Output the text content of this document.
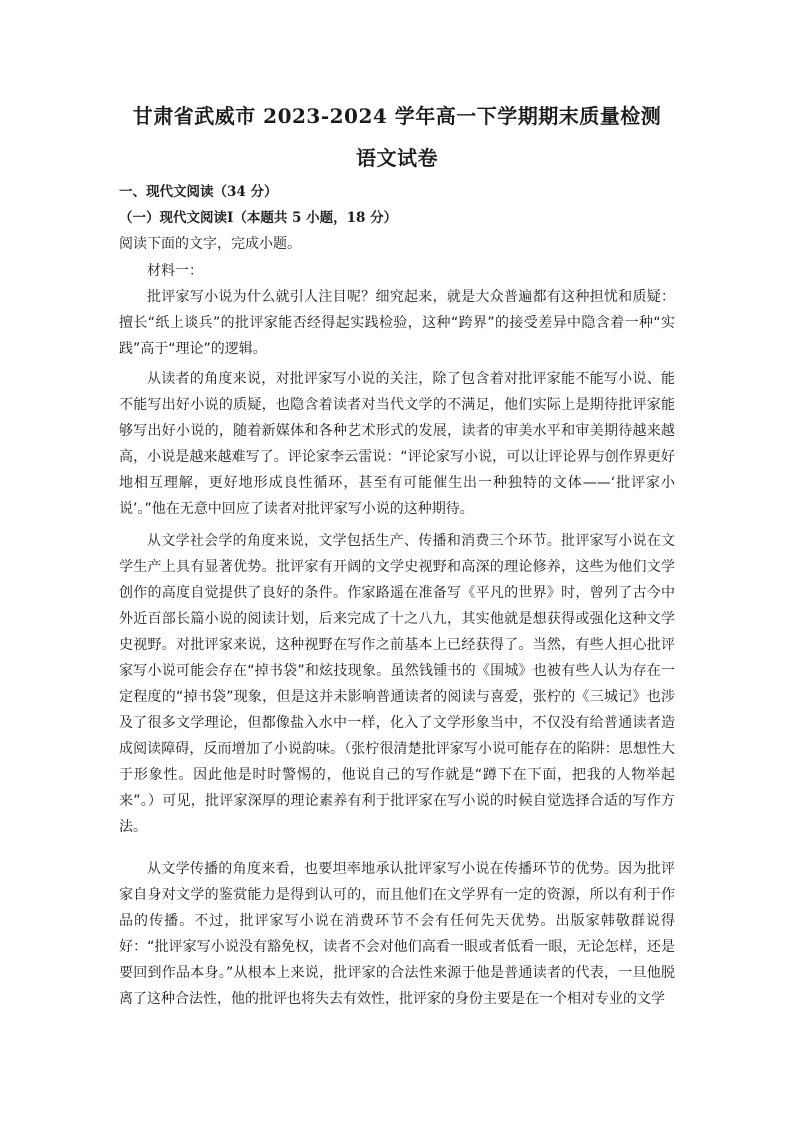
甘肃省武威市 2023-2024 学年高一下学期期末质量检测
语文试卷
一、现代文阅读（34 分）
（一）现代文阅读Ⅰ（本题共 5 小题，18 分）
阅读下面的文字，完成小题。
材料一：
批评家写小说为什么就引人注目呢？细究起来，就是大众普遍都有这种担忧和质疑：擅长“纸上谈兵”的批评家能否经得起实践检验，这种“跨界”的接受差异中隐含着一种“实践”高于“理论”的逻辑。
从读者的角度来说，对批评家写小说的关注，除了包含着对批评家能不能写小说、能不能写出好小说的质疑，也隐含着读者对当代文学的不满足，他们实际上是期待批评家能够写出好小说的，随着新媒体和各种艺术形式的发展，读者的审美水平和审美期待越来越高，小说是越来越难写了。评论家李云雷说：“评论家写小说，可以让评论界与创作界更好地相互理解，更好地形成良性循环，甚至有可能催生出一种独特的文体——‘批评家小说’。”他在无意中回应了读者对批评家写小说的这种期待。
从文学社会学的角度来说，文学包括生产、传播和消费三个环节。批评家写小说在文学生产上具有显著优势。批评家有开阔的文学史视野和高深的理论修养，这些为他们文学创作的高度自觉提供了良好的条件。作家路遥在准备写《平凡的世界》时，曾列了古今中外近百部长篇小说的阅读计划，后来完成了十之八九，其实他就是想获得或强化这种文学史视野。对批评家来说，这种视野在写作之前基本上已经获得了。当然，有些人担心批评家写小说可能会存在“掉书袋”和炫技现象。虽然钱锺书的《围城》也被有些人认为存在一定程度的“掉书袋”现象，但是这并未影响普通读者的阅读与喜爱，张柠的《三城记》也涉及了很多文学理论，但都像盐入水中一样，化入了文学形象当中，不仅没有给普通读者造成阅读障碍，反而增加了小说韵味。（张柠很清楚批评家写小说可能存在的陷阱：思想性大于形象性。因此他是时时警惕的，他说自己的写作就是“蹲下在下面，把我的人物举起来”。）可见，批评家深厚的理论素养有利于批评家在写小说的时候自觉选择合适的写作方法。
从文学传播的角度来看，也要坦率地承认批评家写小说在传播环节的优势。因为批评家自身对文学的鉴赏能力是得到认可的，而且他们在文学界有一定的资源，所以有利于作品的传播。不过，批评家写小说在消费环节不会有任何先天优势。出版家韩敬群说得好：“批评家写小说没有豁免权，读者不会对他们高看一眼或者低看一眼，无论怎样，还是要回到作品本身。”从根本上来说，批评家的合法性来源于他是普通读者的代表，一旦他脱离了这种合法性，他的批评也将失去有效性，批评家的身份主要是在一个相对专业的文学
